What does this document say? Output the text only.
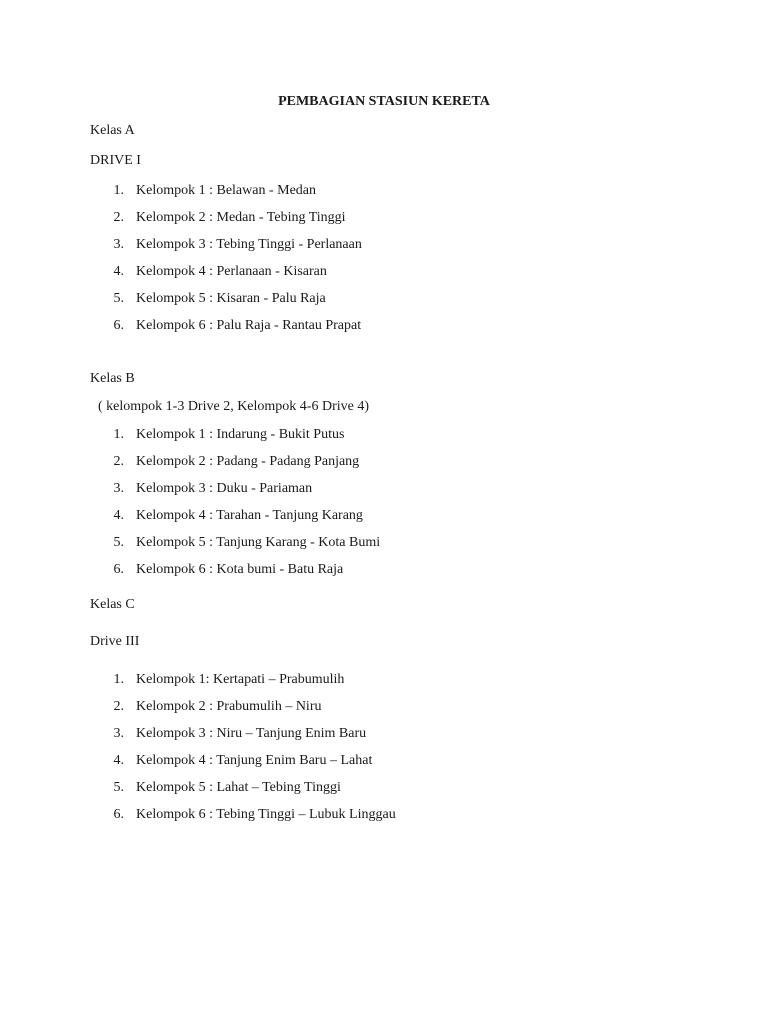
PEMBAGIAN STASIUN KERETA

Kelas A

DRIVE I

1. Kelompok 1 : Belawan - Medan
2. Kelompok 2 : Medan - Tebing Tinggi
3. Kelompok 3 : Tebing Tinggi - Perlanaan
4. Kelompok 4 : Perlanaan - Kisaran
5. Kelompok 5 : Kisaran - Palu Raja
6. Kelompok 6 : Palu Raja - Rantau Prapat

Kelas B

( kelompok 1-3 Drive 2, Kelompok 4-6 Drive 4)

1. Kelompok 1 : Indarung - Bukit Putus
2. Kelompok 2 : Padang - Padang Panjang
3. Kelompok 3 : Duku - Pariaman
4. Kelompok 4 : Tarahan - Tanjung Karang
5. Kelompok 5 : Tanjung Karang - Kota Bumi
6. Kelompok 6 : Kota bumi - Batu Raja

Kelas C

Drive III

1. Kelompok 1: Kertapati – Prabumulih
2. Kelompok 2 : Prabumulih – Niru
3. Kelompok 3 : Niru – Tanjung Enim Baru
4. Kelompok 4 : Tanjung Enim Baru – Lahat
5. Kelompok 5 : Lahat – Tebing Tinggi
6. Kelompok 6 : Tebing Tinggi – Lubuk Linggau
